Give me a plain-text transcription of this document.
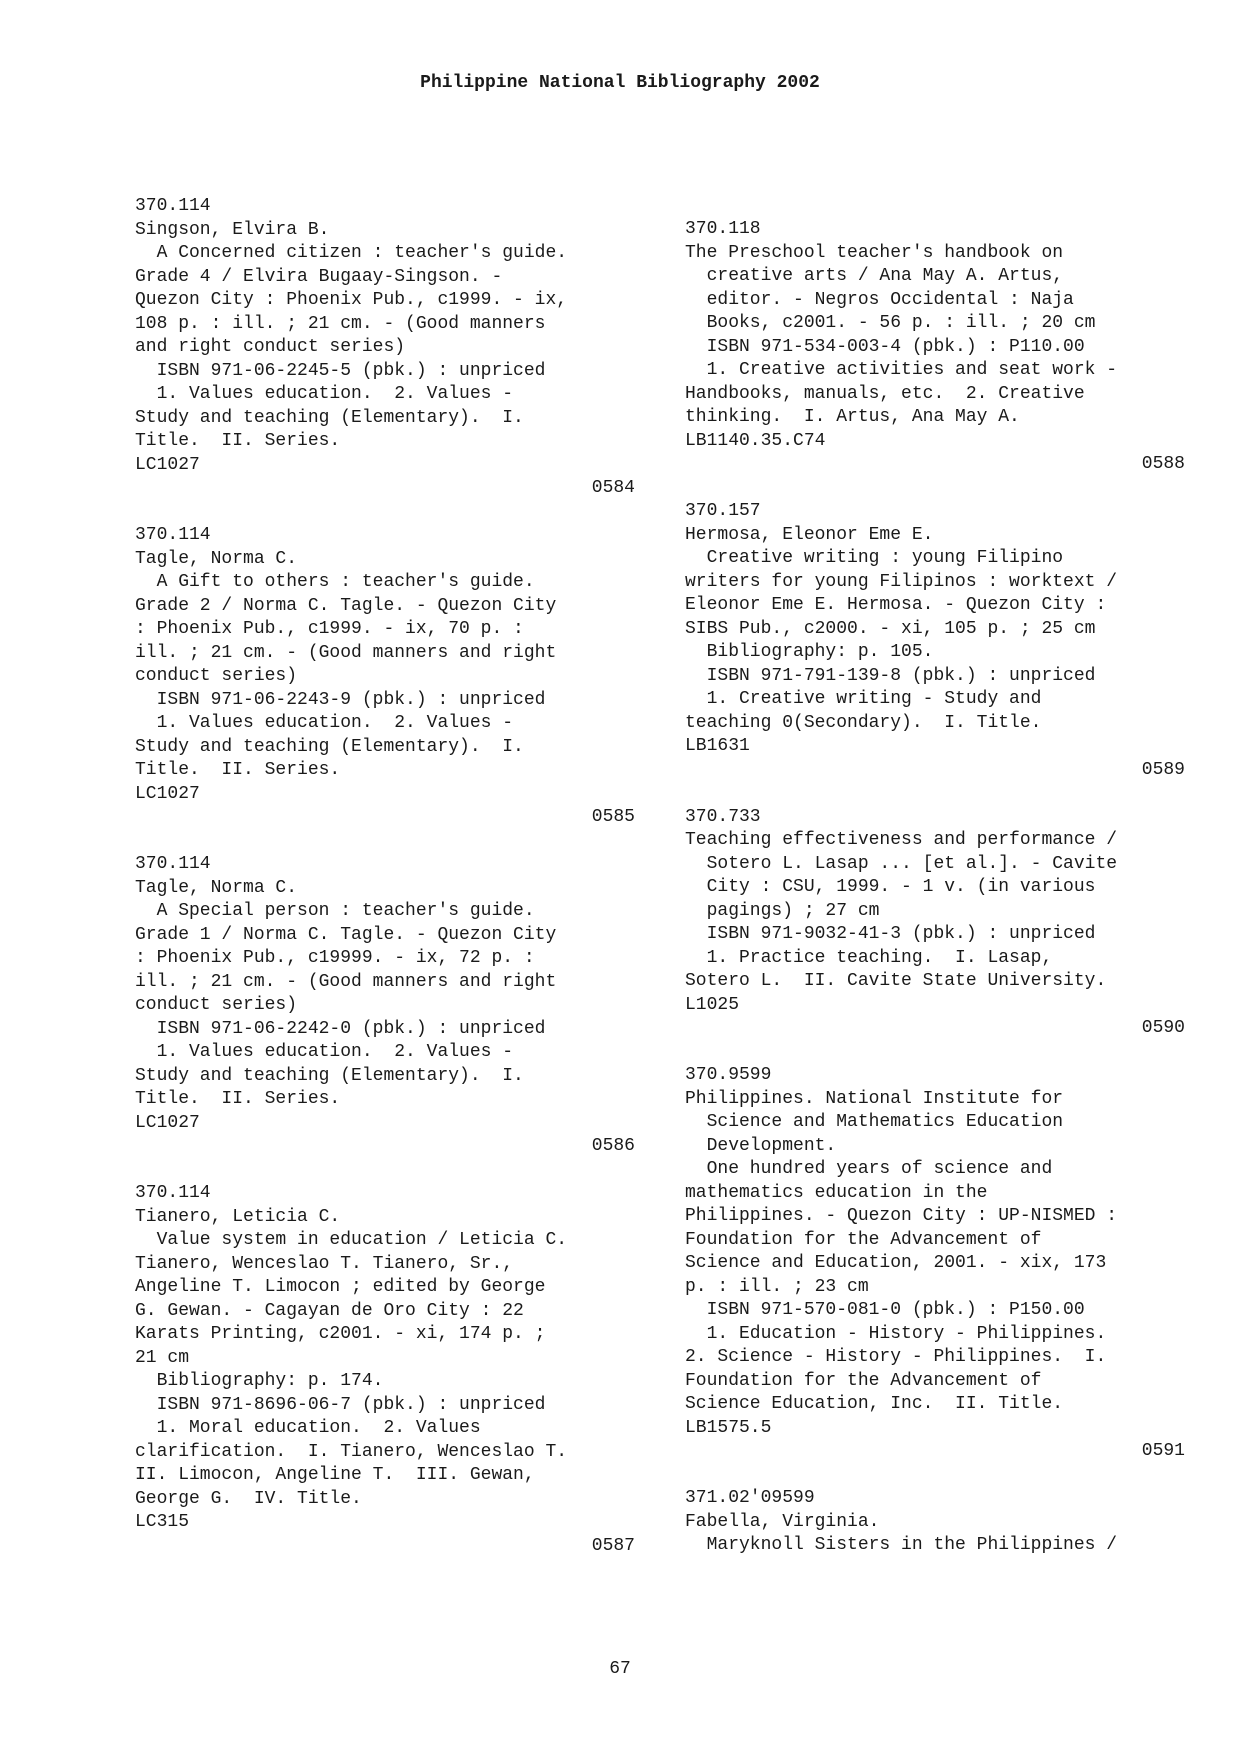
Philippine National Bibliography 2002
370.114
Singson, Elvira B.
A Concerned citizen : teacher's guide.
Grade 4 / Elvira Bugaay-Singson. -
Quezon City : Phoenix Pub., c1999. - ix,
108 p. : ill. ; 21 cm. - (Good manners
and right conduct series)
ISBN 971-06-2245-5 (pbk.) : unpriced
1. Values education.  2. Values -
Study and teaching (Elementary).  I.
Title.  II. Series.
LC1027
0584
370.114
Tagle, Norma C.
A Gift to others : teacher's guide.
Grade 2 / Norma C. Tagle. - Quezon City
: Phoenix Pub., c1999. - ix, 70 p. :
ill. ; 21 cm. - (Good manners and right
conduct series)
ISBN 971-06-2243-9 (pbk.) : unpriced
1. Values education.  2. Values -
Study and teaching (Elementary).  I.
Title.  II. Series.
LC1027
0585
370.114
Tagle, Norma C.
A Special person : teacher's guide.
Grade 1 / Norma C. Tagle. - Quezon City
: Phoenix Pub., c19999. - ix, 72 p. :
ill. ; 21 cm. - (Good manners and right
conduct series)
ISBN 971-06-2242-0 (pbk.) : unpriced
1. Values education.  2. Values -
Study and teaching (Elementary).  I.
Title.  II. Series.
LC1027
0586
370.114
Tianero, Leticia C.
Value system in education / Leticia C.
Tianero, Wenceslao T. Tianero, Sr.,
Angeline T. Limocon ; edited by George
G. Gewan. - Cagayan de Oro City : 22
Karats Printing, c2001. - xi, 174 p. ;
21 cm
Bibliography: p. 174.
ISBN 971-8696-06-7 (pbk.) : unpriced
1. Moral education.  2. Values
clarification.  I. Tianero, Wenceslao T.
II. Limocon, Angeline T.  III. Gewan,
George G.  IV. Title.
LC315
0587
370.118
The Preschool teacher's handbook on
creative arts / Ana May A. Artus,
editor. - Negros Occidental : Naja
Books, c2001. - 56 p. : ill. ; 20 cm
ISBN 971-534-003-4 (pbk.) : P110.00
1. Creative activities and seat work -
Handbooks, manuals, etc.  2. Creative
thinking.  I. Artus, Ana May A.
LB1140.35.C74
0588
370.157
Hermosa, Eleonor Eme E.
Creative writing : young Filipino
writers for young Filipinos : worktext /
Eleonor Eme E. Hermosa. - Quezon City :
SIBS Pub., c2000. - xi, 105 p. ; 25 cm
Bibliography: p. 105.
ISBN 971-791-139-8 (pbk.) : unpriced
1. Creative writing - Study and
teaching 0(Secondary).  I. Title.
LB1631
0589
370.733
Teaching effectiveness and performance /
Sotero L. Lasap ... [et al.]. - Cavite
City : CSU, 1999. - 1 v. (in various
pagings) ; 27 cm
ISBN 971-9032-41-3 (pbk.) : unpriced
1. Practice teaching.  I. Lasap,
Sotero L.  II. Cavite State University.
L1025
0590
370.9599
Philippines. National Institute for
Science and Mathematics Education
Development.
One hundred years of science and
mathematics education in the
Philippines. - Quezon City : UP-NISMED :
Foundation for the Advancement of
Science and Education, 2001. - xix, 173
p. : ill. ; 23 cm
ISBN 971-570-081-0 (pbk.) : P150.00
1. Education - History - Philippines.
2. Science - History - Philippines.  I.
Foundation for the Advancement of
Science Education, Inc.  II. Title.
LB1575.5
0591
371.02'09599
Fabella, Virginia.
Maryknoll Sisters in the Philippines /
67
